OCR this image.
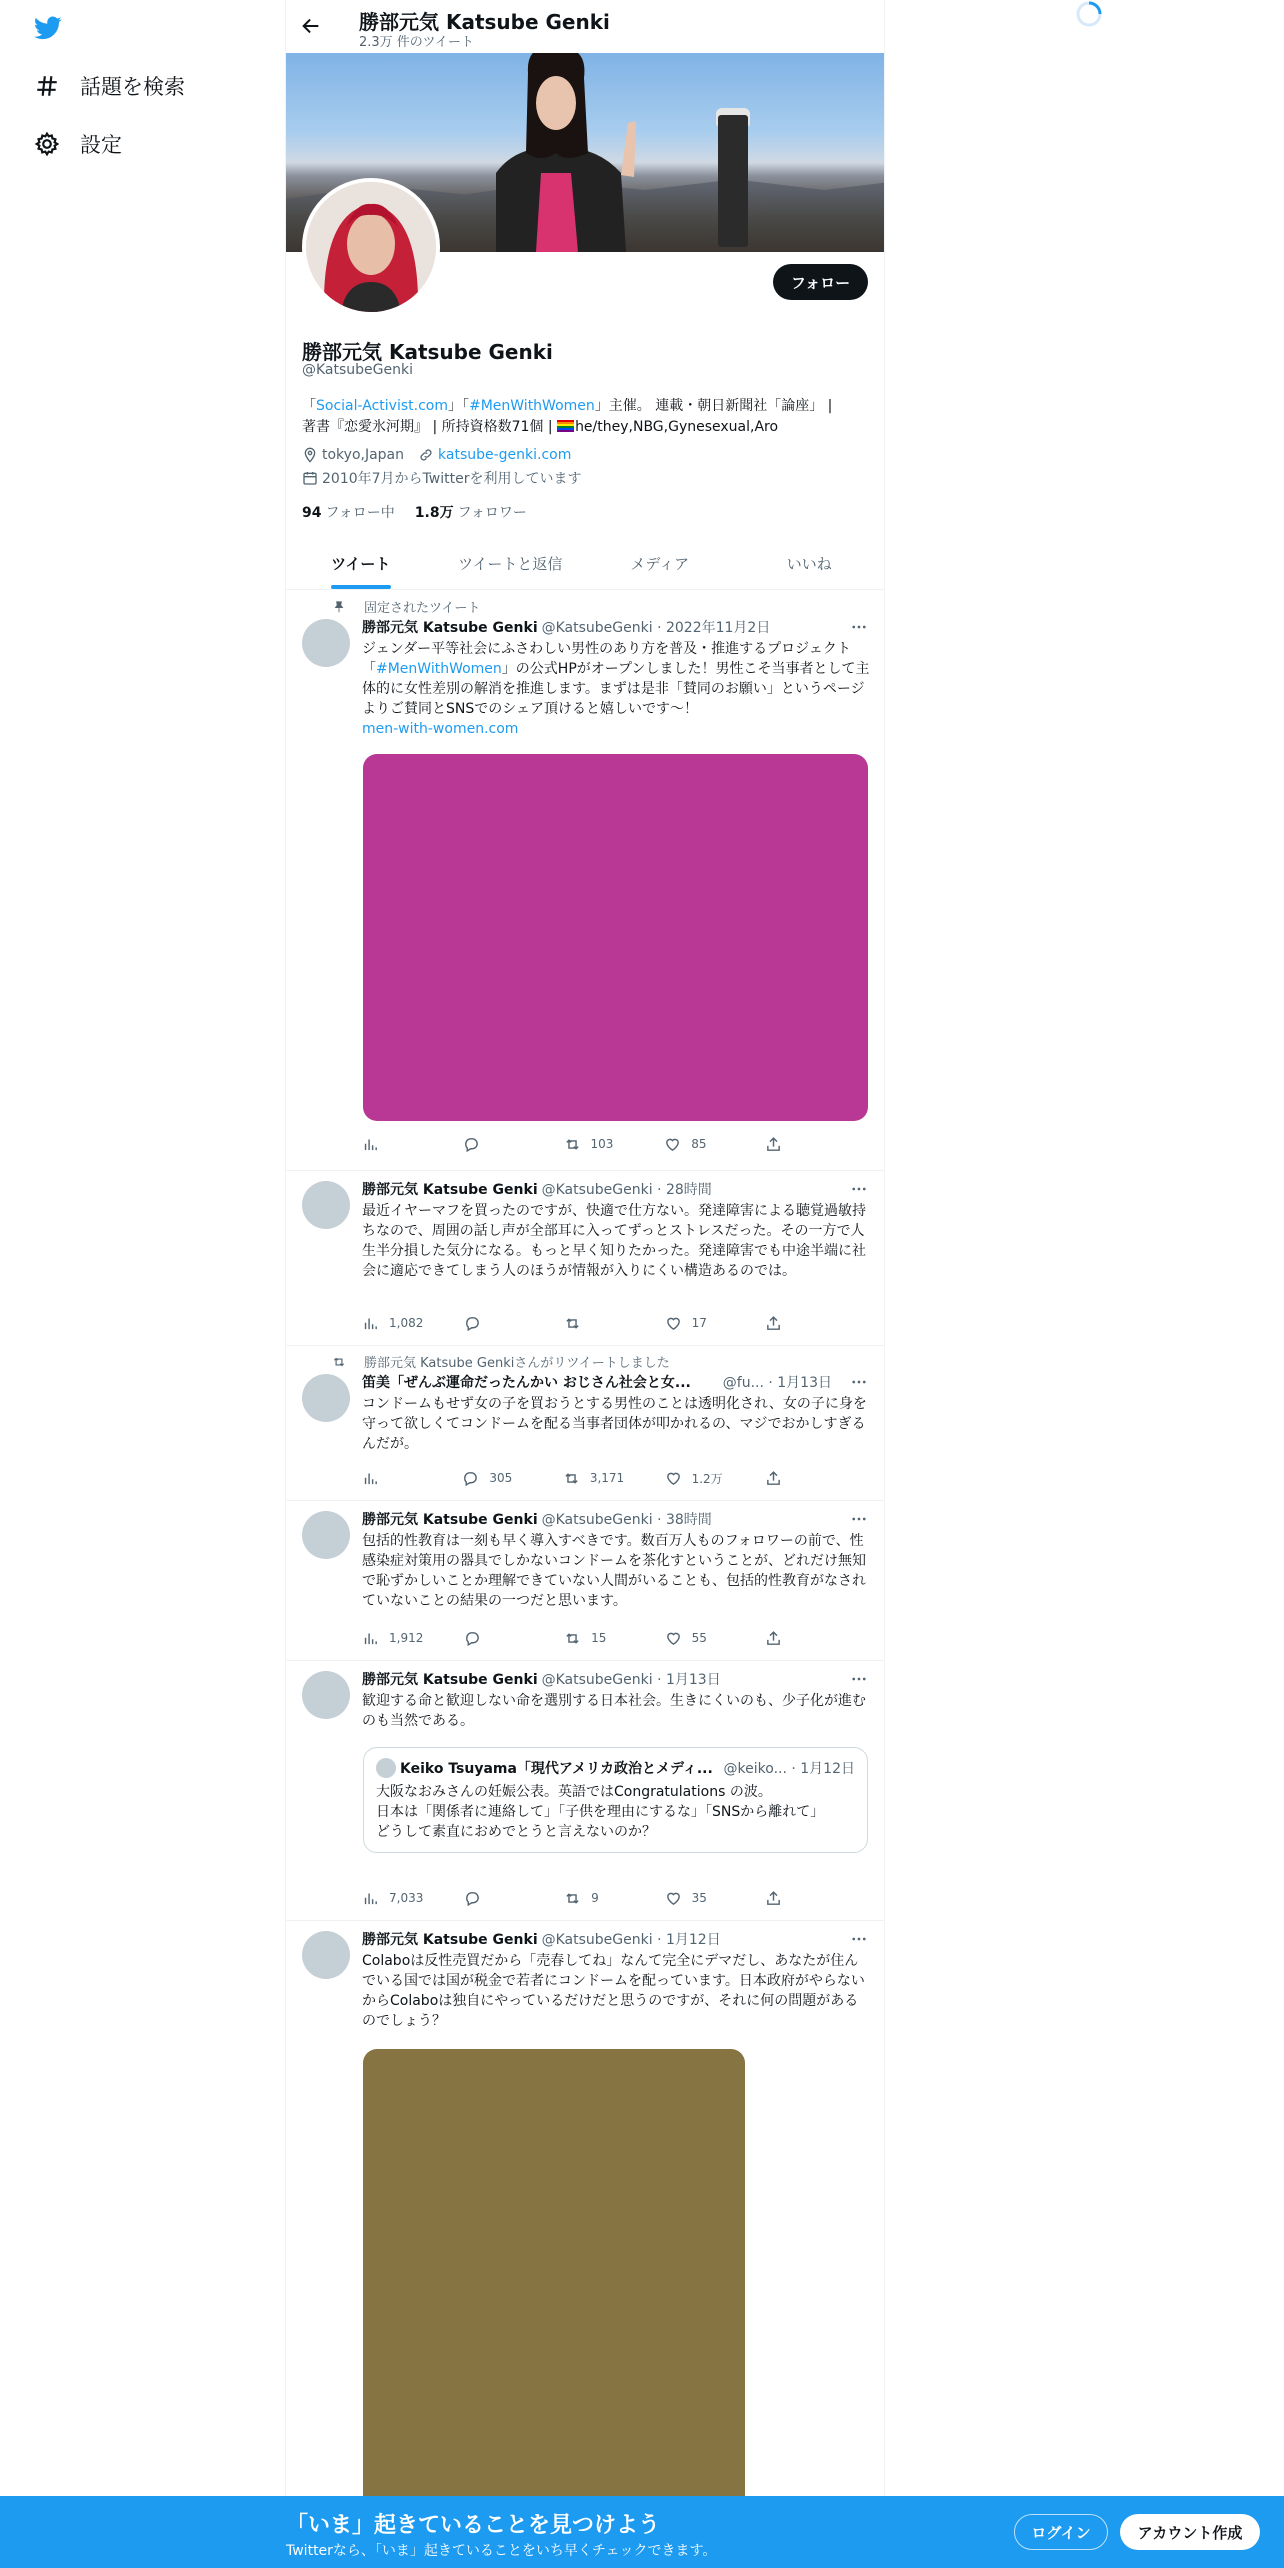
話題を検索
設定
勝部元気 Katsube Genki
2.3万 件のツイート
フォロー
勝部元気 Katsube Genki
@KatsubeGenki
「Social-Activist.com」「#MenWithWomen」主催。 連載・朝日新聞社「論座」 |
著書『恋愛氷河期』 | 所持資格数71個 | he/they,NBG,Gynesexual,Aro
tokyo,Japan katsube-genki.com
2010年7月からTwitterを利用しています
94 フォロー中 1.8万 フォロワー
ツイート	ツイートと返信	メディア	いいね
固定されたツイート
勝部元気 Katsube Genki @KatsubeGenki · 2022年11月2日
ジェンダー平等社会にふさわしい男性のあり方を普及・推進するプロジェクト「#MenWithWomen」の公式HPがオープンしました！男性こそ当事者として主体的に女性差別の解消を推進します。まずは是非「賛同のお願い」というページよりご賛同とSNSでのシェア頂けると嬉しいです〜！
men-with-women.com
103	85
勝部元気 Katsube Genki @KatsubeGenki · 28時間
最近イヤーマフを買ったのですが、快適で仕方ない。発達障害による聴覚過敏持ちなので、周囲の話し声が全部耳に入ってずっとストレスだった。その一方で人生半分損した気分になる。もっと早く知りたかった。発達障害でも中途半端に社会に適応できてしまう人のほうが情報が入りにくい構造あるのでは。
1,082	17
勝部元気 Katsube Genkiさんがリツイートしました
笛美「ぜんぶ運命だったんかい おじさん社会と女... @fu... · 1月13日
コンドームもせず女の子を買おうとする男性のことは透明化され、女の子に身を守って欲しくてコンドームを配る当事者団体が叩かれるの、マジでおかしすぎるんだが。
305	3,171	1.2万
勝部元気 Katsube Genki @KatsubeGenki · 38時間
包括的性教育は一刻も早く導入すべきです。数百万人ものフォロワーの前で、性感染症対策用の器具でしかないコンドームを茶化すということが、どれだけ無知で恥ずかしいことか理解できていない人間がいることも、包括的性教育がなされていないことの結果の一つだと思います。
1,912	15	55
勝部元気 Katsube Genki @KatsubeGenki · 1月13日
歓迎する命と歓迎しない命を選別する日本社会。生きにくいのも、少子化が進むのも当然である。
Keiko Tsuyama「現代アメリカ政治とメディ... @keiko... · 1月12日
大阪なおみさんの妊娠公表。英語ではCongratulations の波。
日本は「関係者に連絡して」「子供を理由にするな」「SNSから離れて」
どうして素直におめでとうと言えないのか？
7,033	9	35
勝部元気 Katsube Genki @KatsubeGenki · 1月12日
Colaboは反性売買だから「売春してね」なんて完全にデマだし、あなたが住んでいる国では国が税金で若者にコンドームを配っています。日本政府がやらないからColaboは独自にやっているだけだと思うのですが、それに何の問題があるのでしょう？
「いま」起きていることを見つけよう
Twitterなら、「いま」起きていることをいち早くチェックできます。
ログイン	アカウント作成
